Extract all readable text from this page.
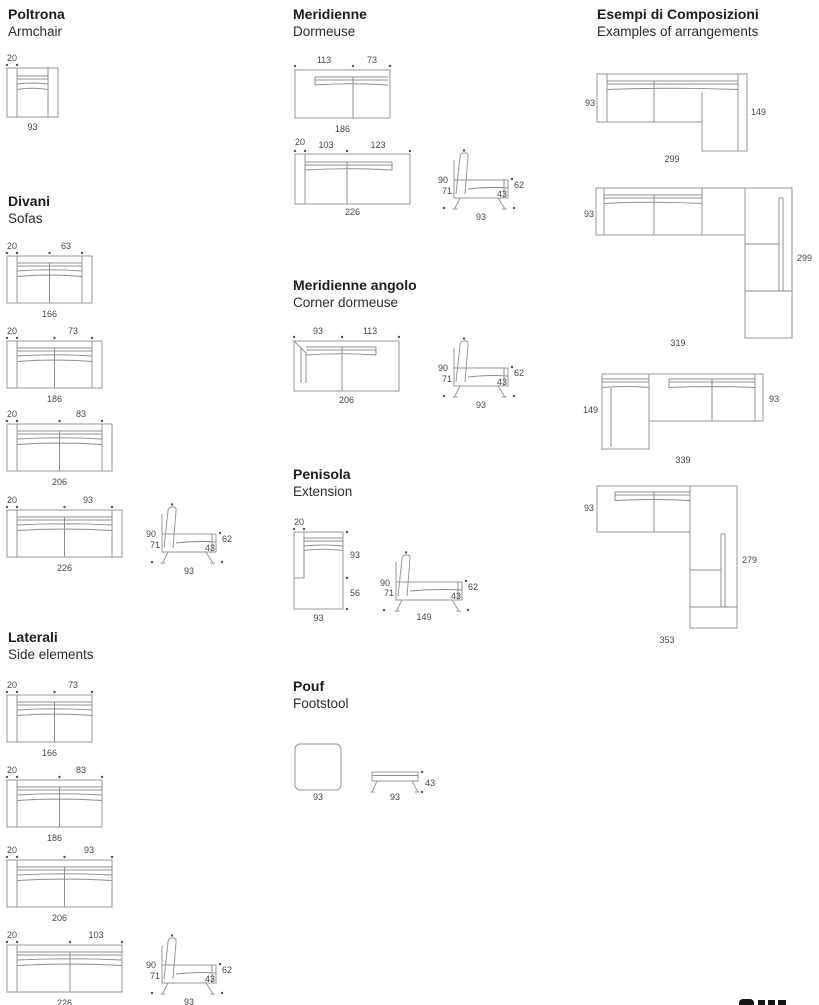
Poltrona
Armchair
Divani
Sofas
Laterali
Side elements
Meridienne
Dormeuse
Meridienne angolo
Corner dormeuse
Penisola
Extension
Pouf
Footstool
Esempi di Composizioni
Examples of arrangements
20
93
20	63
166
20	73
186
20	83
206
20	93
226
90
71
62
43
93
20	73
166
20	83
186
20	93
206
20	103
226
90
71
62
43
93
113	73
186
20 103	123
226
90
71
62
43
93
93	113
206
90
71
62
43
93
20
93
56
93
90
71
62
43
149
93
43
93
93
149
299
93
299
319
149
93
339
93
279
353
